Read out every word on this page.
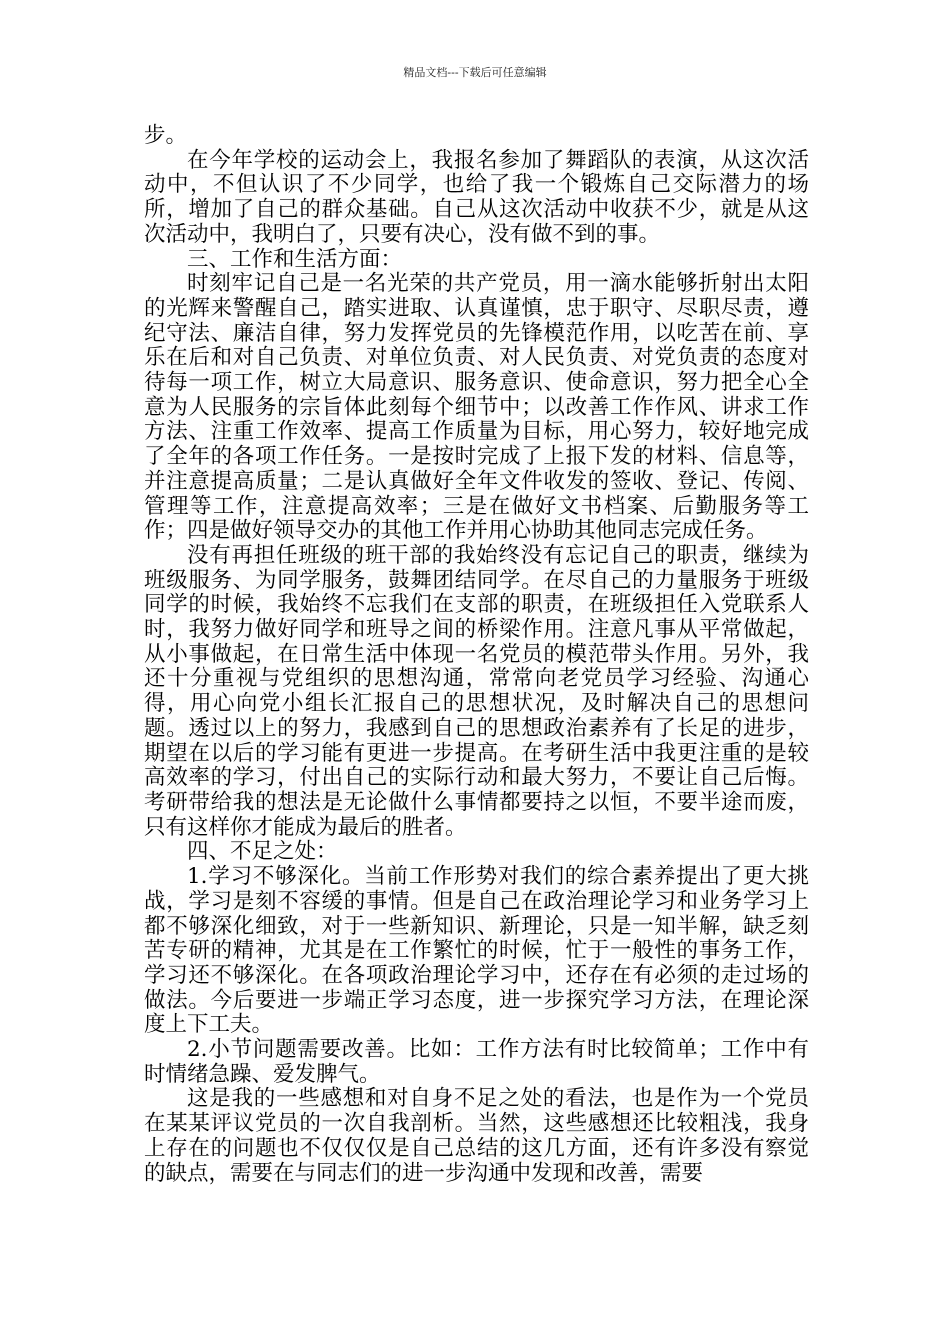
精品文档---下载后可任意编辑

步。

在今年学校的运动会上，我报名参加了舞蹈队的表演，从这次活动中，不但认识了不少同学，也给了我一个锻炼自己交际潜力的场所，增加了自己的群众基础。自己从这次活动中收获不少，就是从这次活动中，我明白了，只要有决心，没有做不到的事。

三、工作和生活方面：

时刻牢记自己是一名光荣的共产党员，用一滴水能够折射出太阳的光辉来警醒自己，踏实进取、认真谨慎，忠于职守、尽职尽责，遵纪守法、廉洁自律，努力发挥党员的先锋模范作用，以吃苦在前、享乐在后和对自己负责、对单位负责、对人民负责、对党负责的态度对待每一项工作，树立大局意识、服务意识、使命意识，努力把全心全意为人民服务的宗旨体此刻每个细节中；以改善工作作风、讲求工作方法、注重工作效率、提高工作质量为目标，用心努力，较好地完成了全年的各项工作任务。一是按时完成了上报下发的材料、信息等，并注意提高质量；二是认真做好全年文件收发的签收、登记、传阅、管理等工作，注意提高效率；三是在做好文书档案、后勤服务等工作；四是做好领导交办的其他工作并用心协助其他同志完成任务。

没有再担任班级的班干部的我始终没有忘记自己的职责，继续为班级服务、为同学服务，鼓舞团结同学。在尽自己的力量服务于班级同学的时候，我始终不忘我们在支部的职责，在班级担任入党联系人时，我努力做好同学和班导之间的桥梁作用。注意凡事从平常做起，从小事做起，在日常生活中体现一名党员的模范带头作用。另外，我还十分重视与党组织的思想沟通，常常向老党员学习经验、沟通心得，用心向党小组长汇报自己的思想状况，及时解决自己的思想问题。透过以上的努力，我感到自己的思想政治素养有了长足的进步，期望在以后的学习能有更进一步提高。在考研生活中我更注重的是较高效率的学习，付出自己的实际行动和最大努力，不要让自己后悔。考研带给我的想法是无论做什么事情都要持之以恒，不要半途而废，只有这样你才能成为最后的胜者。

四、不足之处：

1.学习不够深化。当前工作形势对我们的综合素养提出了更大挑战，学习是刻不容缓的事情。但是自己在政治理论学习和业务学习上都不够深化细致，对于一些新知识、新理论，只是一知半解，缺乏刻苦专研的精神，尤其是在工作繁忙的时候，忙于一般性的事务工作，学习还不够深化。在各项政治理论学习中，还存在有必须的走过场的做法。今后要进一步端正学习态度，进一步探究学习方法，在理论深度上下工夫。

2.小节问题需要改善。比如：工作方法有时比较简单；工作中有时情绪急躁、爱发脾气。

这是我的一些感想和对自身不足之处的看法，也是作为一个党员在某某评议党员的一次自我剖析。当然，这些感想还比较粗浅，我身上存在的问题也不仅仅仅是自己总结的这几方面，还有许多没有察觉的缺点，需要在与同志们的进一步沟通中发现和改善，需要
